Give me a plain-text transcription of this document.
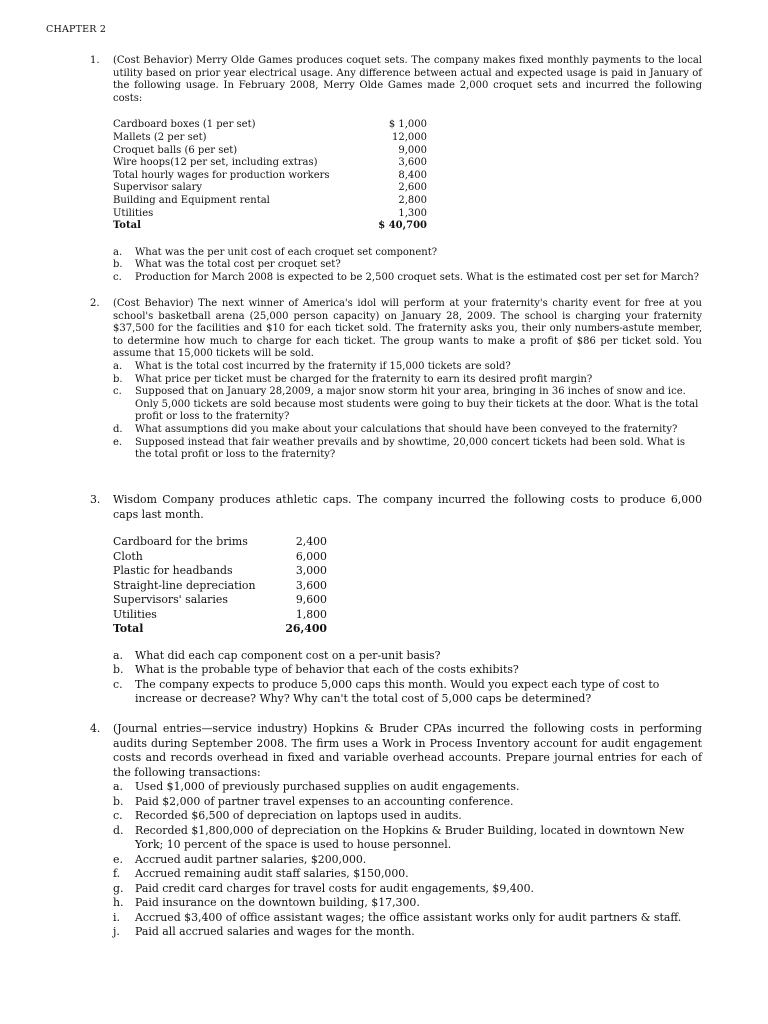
CHAPTER 2
1. (Cost Behavior) Merry Olde Games produces coquet sets. The company makes fixed monthly payments to the local utility based on prior year electrical usage. Any difference between actual and expected usage is paid in January of the following usage. In February 2008, Merry Olde Games made 2,000 croquet sets and incurred the following costs:
Cardboard boxes (1 per set)	$ 1,000
Mallets (2 per set)	12,000
Croquet balls (6 per set)	9,000
Wire hoops(12 per set, including extras)	3,600
Total hourly wages for production workers	8,400
Supervisor salary	2,600
Building and Equipment rental	2,800
Utilities	1,300
Total	$ 40,700
a. What was the per unit cost of each croquet set component?
b. What was the total cost per croquet set?
c. Production for March 2008 is expected to be 2,500 croquet sets. What is the estimated cost per set for March?
2. (Cost Behavior) The next winner of America's idol will perform at your fraternity's charity event for free at you school's basketball arena (25,000 person capacity) on January 28, 2009. The school is charging your fraternity $37,500 for the facilities and $10 for each ticket sold. The fraternity asks you, their only numbers-astute member, to determine how much to charge for each ticket. The group wants to make a profit of $86 per ticket sold. You assume that 15,000 tickets will be sold.
a. What is the total cost incurred by the fraternity if 15,000 tickets are sold?
b. What price per ticket must be charged for the fraternity to earn its desired profit margin?
c. Supposed that on January 28,2009, a major snow storm hit your area, bringing in 36 inches of snow and ice. Only 5,000 tickets are sold because most students were going to buy their tickets at the door. What is the total profit or loss to the fraternity?
d. What assumptions did you make about your calculations that should have been conveyed to the fraternity?
e. Supposed instead that fair weather prevails and by showtime, 20,000 concert tickets had been sold. What is the total profit or loss to the fraternity?
3. Wisdom Company produces athletic caps. The company incurred the following costs to produce 6,000 caps last month.
Cardboard for the brims	2,400
Cloth	6,000
Plastic for headbands	3,000
Straight-line depreciation	3,600
Supervisors' salaries	9,600
Utilities	1,800
Total	26,400
a. What did each cap component cost on a per-unit basis?
b. What is the probable type of behavior that each of the costs exhibits?
c. The company expects to produce 5,000 caps this month. Would you expect each type of cost to increase or decrease? Why? Why can't the total cost of 5,000 caps be determined?
4. (Journal entries—service industry) Hopkins & Bruder CPAs incurred the following costs in performing audits during September 2008. The firm uses a Work in Process Inventory account for audit engagement costs and records overhead in fixed and variable overhead accounts. Prepare journal entries for each of the following transactions:
a. Used $1,000 of previously purchased supplies on audit engagements.
b. Paid $2,000 of partner travel expenses to an accounting conference.
c. Recorded $6,500 of depreciation on laptops used in audits.
d. Recorded $1,800,000 of depreciation on the Hopkins & Bruder Building, located in downtown New York; 10 percent of the space is used to house personnel.
e. Accrued audit partner salaries, $200,000.
f. Accrued remaining audit staff salaries, $150,000.
g. Paid credit card charges for travel costs for audit engagements, $9,400.
h. Paid insurance on the downtown building, $17,300.
i. Accrued $3,400 of office assistant wages; the office assistant works only for audit partners & staff.
j. Paid all accrued salaries and wages for the month.
